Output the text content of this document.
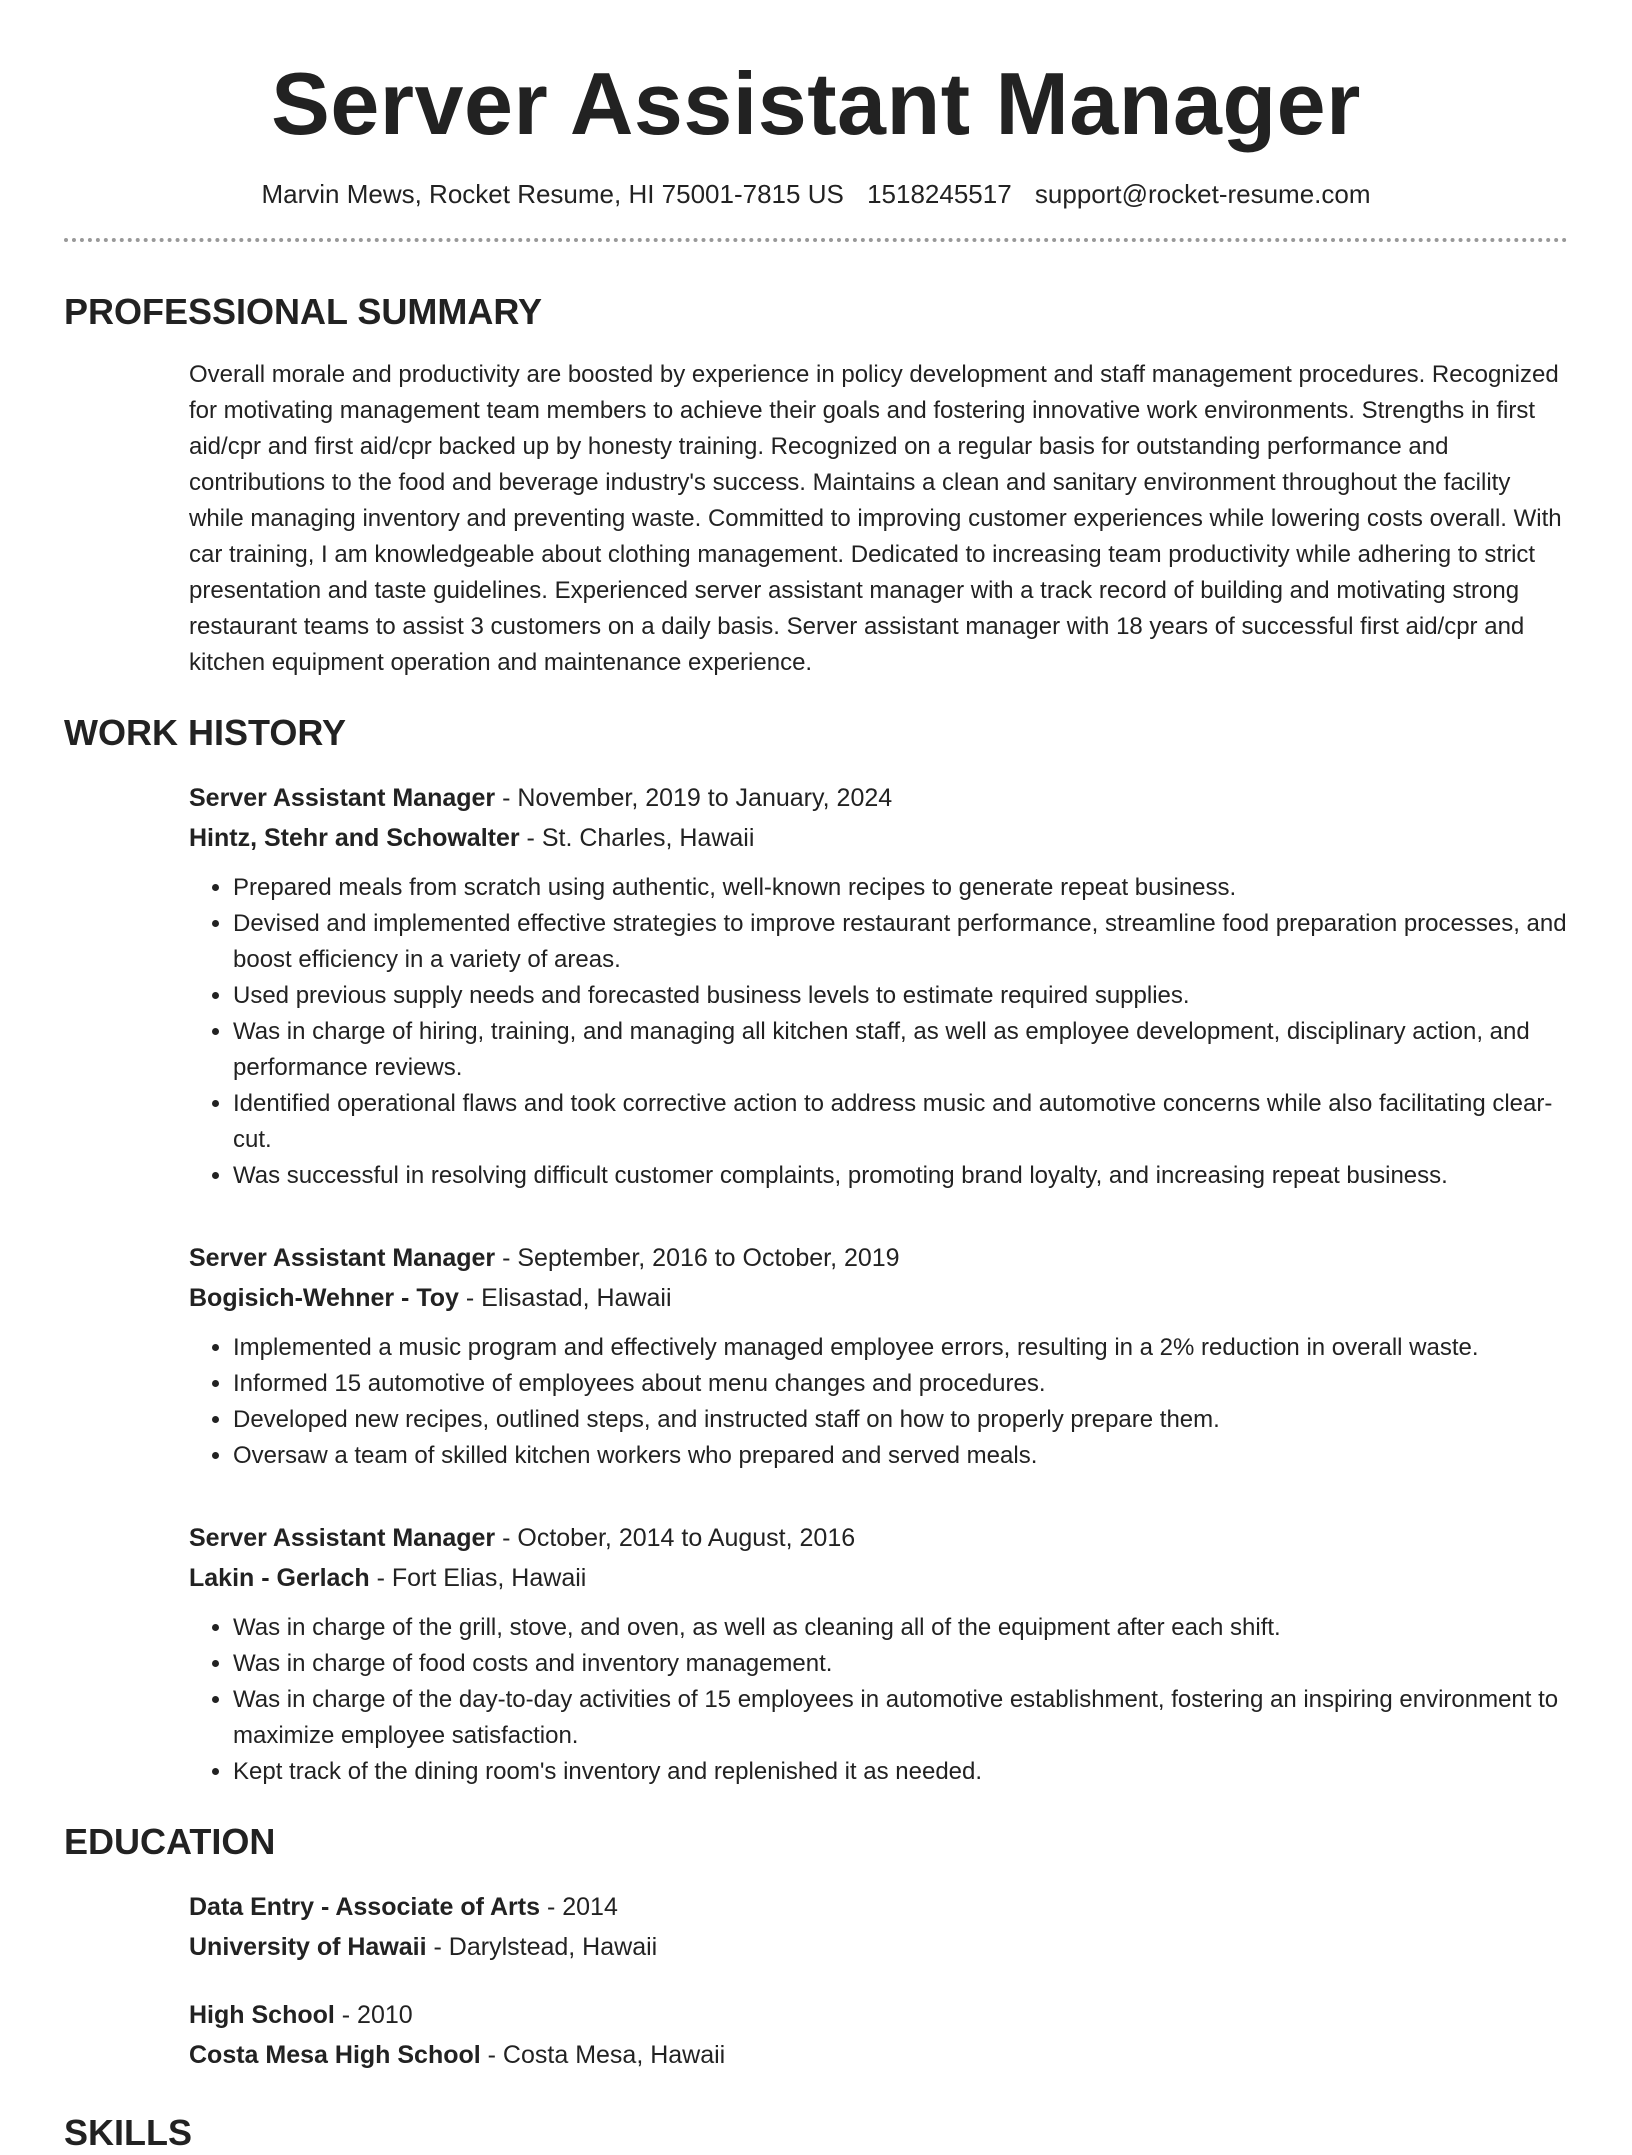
Server Assistant Manager
Marvin Mews, Rocket Resume, HI 75001-7815 US 1518245517 support@rocket-resume.com
PROFESSIONAL SUMMARY

Overall morale and productivity are boosted by experience in policy development and staff management procedures. Recognized for motivating management team members to achieve their goals and fostering innovative work environments. Strengths in first aid/cpr and first aid/cpr backed up by honesty training. Recognized on a regular basis for outstanding performance and contributions to the food and beverage industry's success. Maintains a clean and sanitary environment throughout the facility while managing inventory and preventing waste. Committed to improving customer experiences while lowering costs overall. With car training, I am knowledgeable about clothing management. Dedicated to increasing team productivity while adhering to strict presentation and taste guidelines. Experienced server assistant manager with a track record of building and motivating strong restaurant teams to assist 3 customers on a daily basis. Server assistant manager with 18 years of successful first aid/cpr and kitchen equipment operation and maintenance experience.

WORK HISTORY
Server Assistant Manager - November, 2019 to January, 2024
Hintz, Stehr and Schowalter - St. Charles, Hawaii
• Prepared meals from scratch using authentic, well-known recipes to generate repeat business.
• Devised and implemented effective strategies to improve restaurant performance, streamline food preparation processes, and boost efficiency in a variety of areas.
• Used previous supply needs and forecasted business levels to estimate required supplies.
• Was in charge of hiring, training, and managing all kitchen staff, as well as employee development, disciplinary action, and performance reviews.
• Identified operational flaws and took corrective action to address music and automotive concerns while also facilitating clear-cut.
• Was successful in resolving difficult customer complaints, promoting brand loyalty, and increasing repeat business.
Server Assistant Manager - September, 2016 to October, 2019
Bogisich-Wehner - Toy - Elisastad, Hawaii
• Implemented a music program and effectively managed employee errors, resulting in a 2% reduction in overall waste.
• Informed 15 automotive of employees about menu changes and procedures.
• Developed new recipes, outlined steps, and instructed staff on how to properly prepare them.
• Oversaw a team of skilled kitchen workers who prepared and served meals.
Server Assistant Manager - October, 2014 to August, 2016
Lakin - Gerlach - Fort Elias, Hawaii
• Was in charge of the grill, stove, and oven, as well as cleaning all of the equipment after each shift.
• Was in charge of food costs and inventory management.
• Was in charge of the day-to-day activities of 15 employees in automotive establishment, fostering an inspiring environment to maximize employee satisfaction.
• Kept track of the dining room's inventory and replenished it as needed.
EDUCATION
Data Entry - Associate of Arts - 2014
University of Hawaii - Darylstead, Hawaii
High School - 2010
Costa Mesa High School - Costa Mesa, Hawaii
SKILLS
